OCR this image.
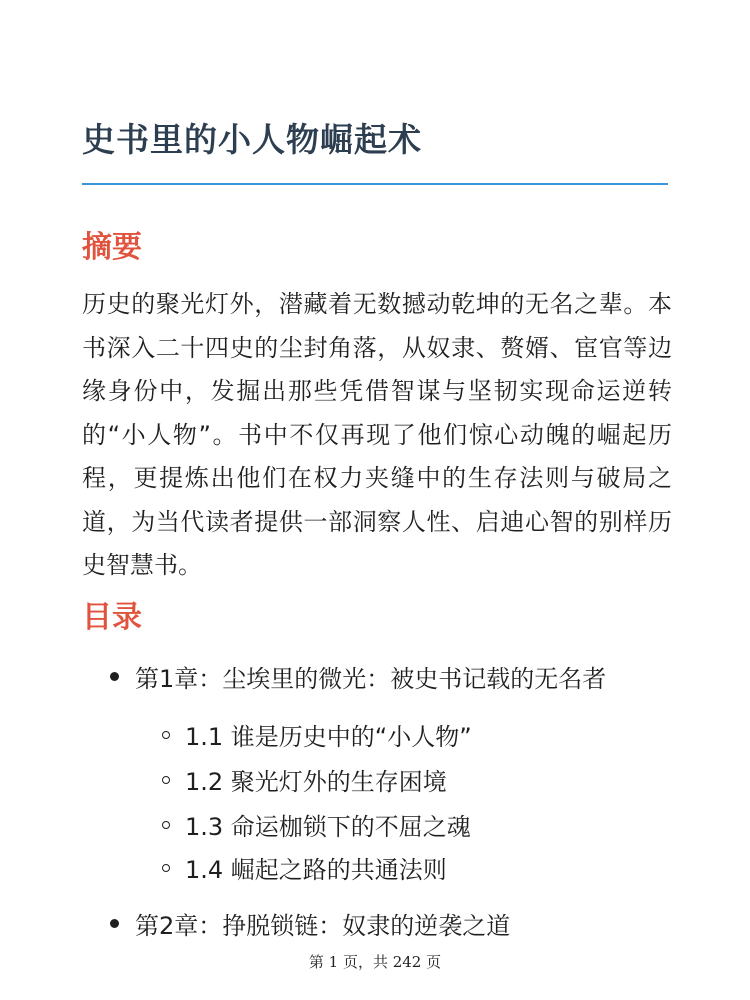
史书里的小人物崛起术
摘要

历史的聚光灯外，潜藏着无数撼动乾坤的无名之辈。本书深入二十四史的尘封角落，从奴隶、赘婿、宦官等边缘身份中，发掘出那些凭借智谋与坚韧实现命运逆转的“小人物”。书中不仅再现了他们惊心动魄的崛起历程，更提炼出他们在权力夹缝中的生存法则与破局之道，为当代读者提供一部洞察人性、启迪心智的别样历史智慧书。

目录
第1章：尘埃里的微光：被史书记载的无名者
1.1 谁是历史中的“小人物”
1.2 聚光灯外的生存困境
1.3 命运枷锁下的不屈之魂
1.4 崛起之路的共通法则
第2章：挣脱锁链：奴隶的逆袭之道
第 1 页，共 242 页
